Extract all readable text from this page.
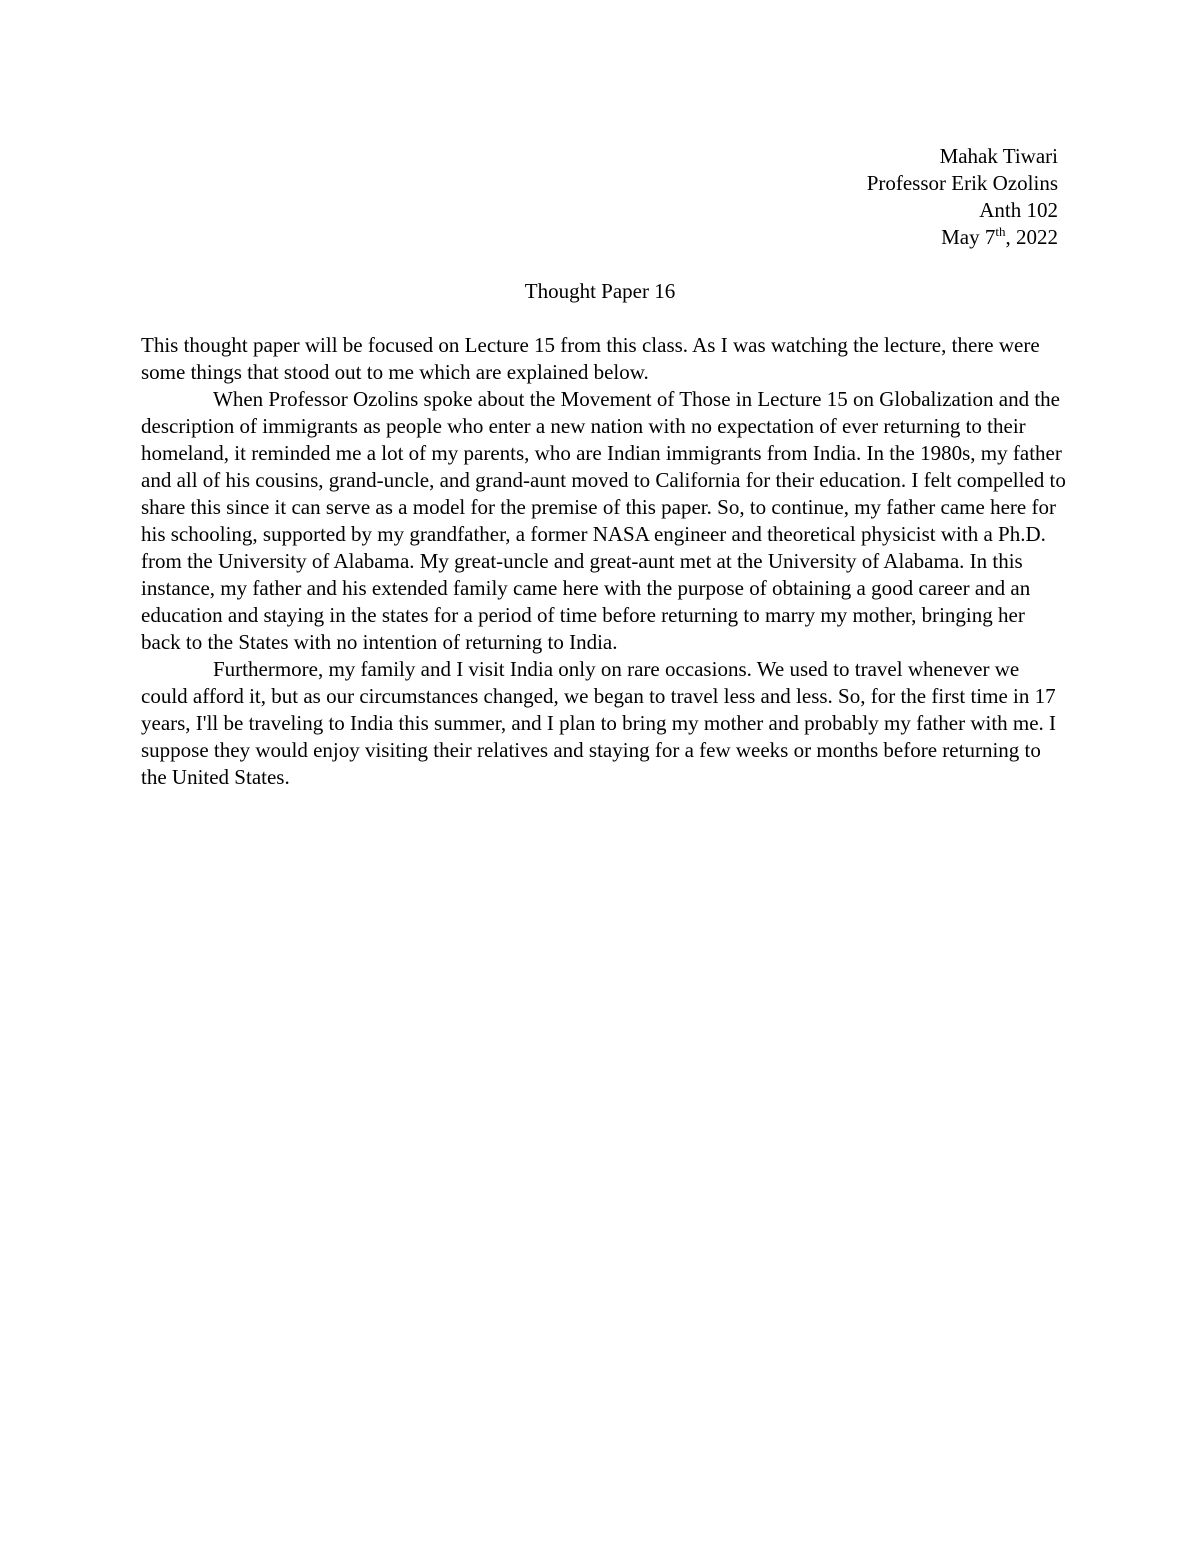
Mahak Tiwari
Professor Erik Ozolins
Anth 102
May 7th, 2022
Thought Paper 16

This thought paper will be focused on Lecture 15 from this class. As I was watching the lecture, there were some things that stood out to me which are explained below.

When Professor Ozolins spoke about the Movement of Those in Lecture 15 on Globalization and the description of immigrants as people who enter a new nation with no expectation of ever returning to their homeland, it reminded me a lot of my parents, who are Indian immigrants from India. In the 1980s, my father and all of his cousins, grand-uncle, and grand-aunt moved to California for their education. I felt compelled to share this since it can serve as a model for the premise of this paper. So, to continue, my father came here for his schooling, supported by my grandfather, a former NASA engineer and theoretical physicist with a Ph.D. from the University of Alabama. My great-uncle and great-aunt met at the University of Alabama. In this instance, my father and his extended family came here with the purpose of obtaining a good career and an education and staying in the states for a period of time before returning to marry my mother, bringing her back to the States with no intention of returning to India.

Furthermore, my family and I visit India only on rare occasions. We used to travel whenever we could afford it, but as our circumstances changed, we began to travel less and less. So, for the first time in 17 years, I'll be traveling to India this summer, and I plan to bring my mother and probably my father with me. I suppose they would enjoy visiting their relatives and staying for a few weeks or months before returning to the United States.
